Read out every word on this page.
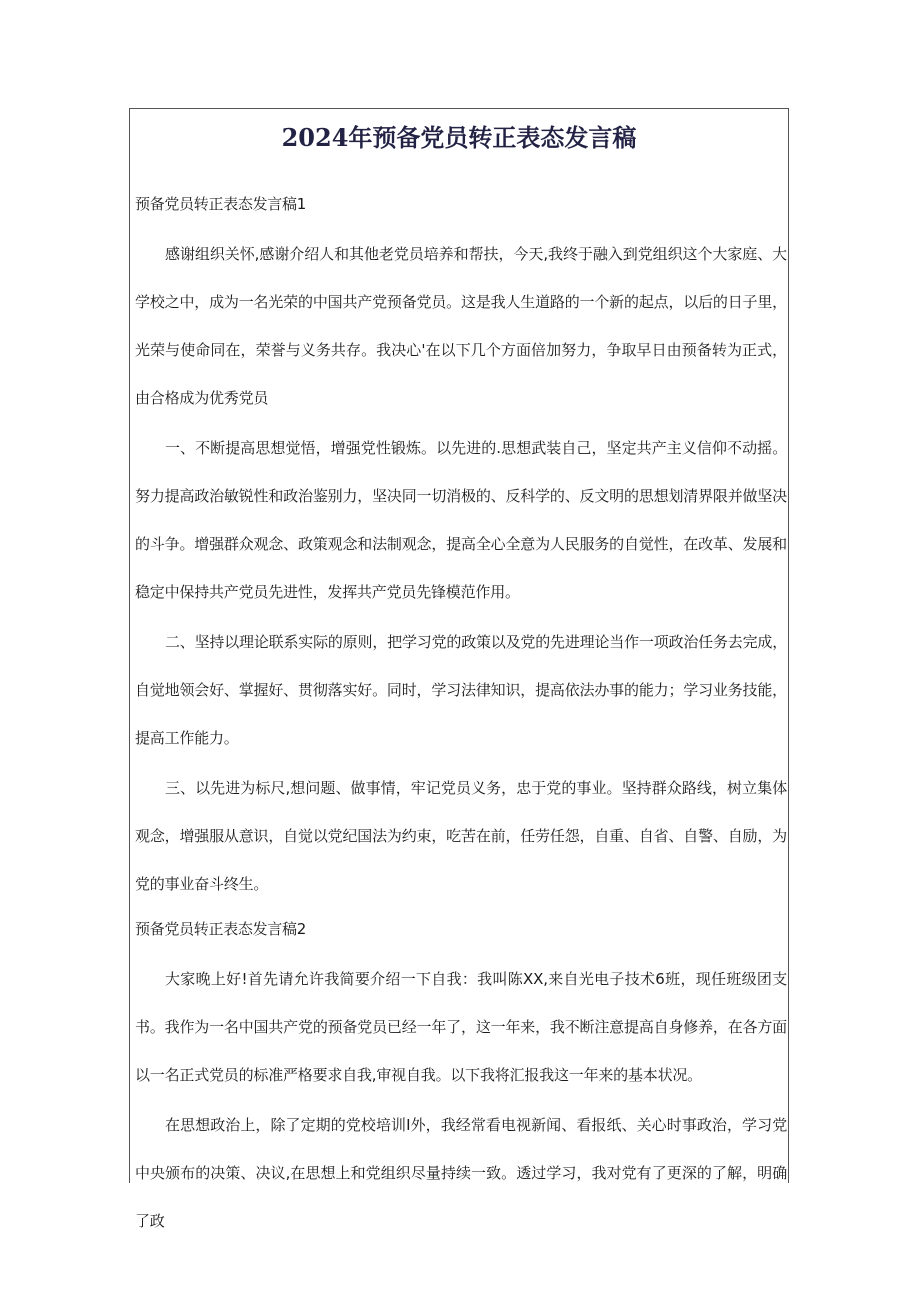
2024年预备党员转正表态发言稿

预备党员转正表态发言稿1

感谢组织关怀,感谢介绍人和其他老党员培养和帮扶，今天,我终于融入到党组织这个大家庭、大学校之中，成为一名光荣的中国共产党预备党员。这是我人生道路的一个新的起点，以后的日子里，光荣与使命同在，荣誉与义务共存。我决心'在以下几个方面倍加努力，争取早日由预备转为正式，由合格成为优秀党员

一、不断提高思想觉悟，增强党性锻炼。以先进的.思想武装自己，坚定共产主义信仰不动摇。努力提高政治敏锐性和政治鉴别力，坚决同一切消极的、反科学的、反文明的思想划清界限并做坚决的斗争。增强群众观念、政策观念和法制观念，提高全心全意为人民服务的自觉性，在改革、发展和稳定中保持共产党员先进性，发挥共产党员先锋模范作用。

二、坚持以理论联系实际的原则，把学习党的政策以及党的先进理论当作一项政治任务去完成，自觉地领会好、掌握好、贯彻落实好。同时，学习法律知识，提高依法办事的能力；学习业务技能，提高工作能力。

三、以先进为标尺,想问题、做事情，牢记党员义务，忠于党的事业。坚持群众路线，树立集体观念，增强服从意识，自觉以党纪国法为约束，吃苦在前，任劳任怨，自重、自省、自警、自励，为党的事业奋斗终生。

预备党员转正表态发言稿2

大家晚上好!首先请允许我简要介绍一下自我：我叫陈XX,来自光电子技术6班，现任班级团支书。我作为一名中国共产党的预备党员已经一年了，这一年来，我不断注意提高自身修养，在各方面以一名正式党员的标准严格要求自我,审视自我。以下我将汇报我这一年来的基本状况。

在思想政治上，除了定期的党校培训I外，我经常看电视新闻、看报纸、关心时事政治，学习党中央颁布的决策、决议,在思想上和党组织尽量持续一致。透过学习，我对党有了更深的了解，明确了政
